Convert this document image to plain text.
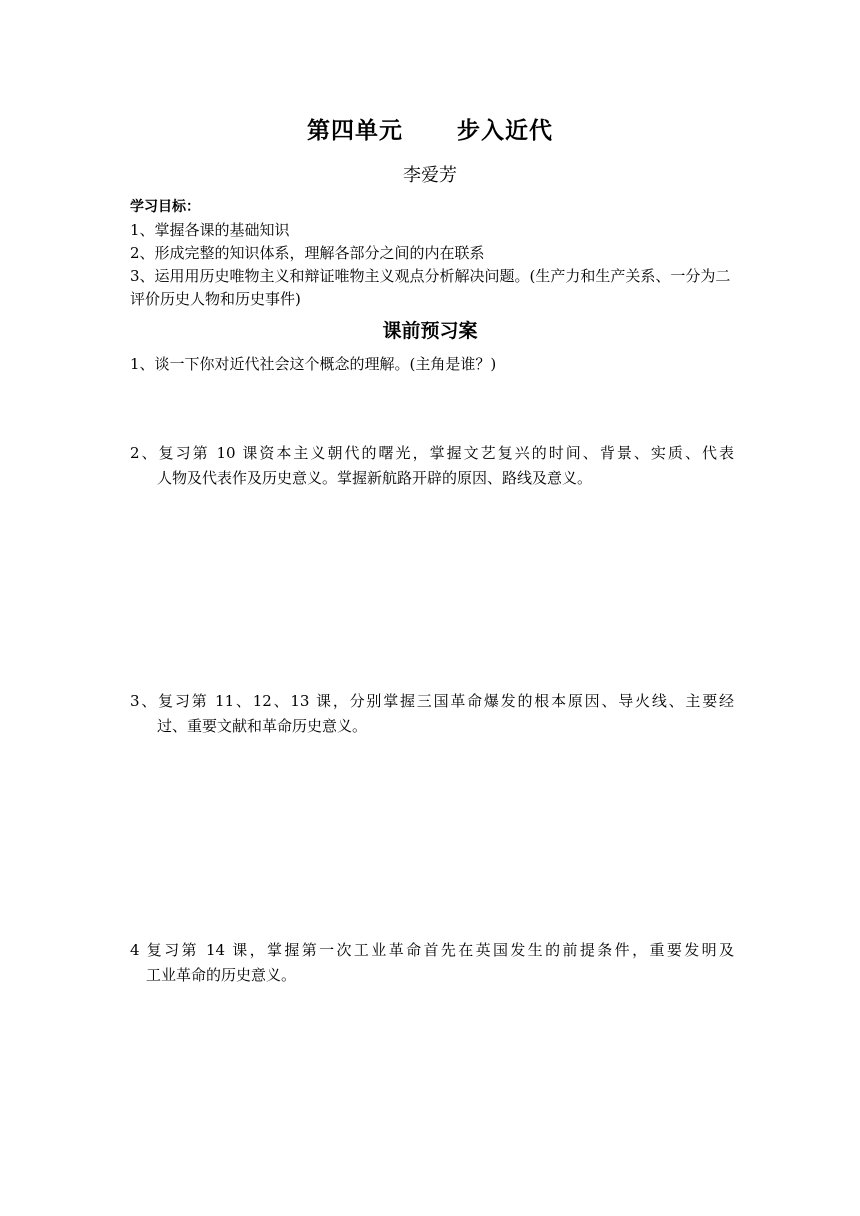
第四单元      步入近代
李爱芳
学习目标：
1、掌握各课的基础知识
2、形成完整的知识体系，理解各部分之间的内在联系
3、运用用历史唯物主义和辩证唯物主义观点分析解决问题。(生产力和生产关系、一分为二评价历史人物和历史事件)
课前预习案
1、谈一下你对近代社会这个概念的理解。(主角是谁？)
2、复习第 10 课资本主义朝代的曙光，掌握文艺复兴的时间、背景、实质、代表
人物及代表作及历史意义。掌握新航路开辟的原因、路线及意义。
3、复习第 11、12、13 课，分别掌握三国革命爆发的根本原因、导火线、主要经
过、重要文献和革命历史意义。
4 复习第 14 课，掌握第一次工业革命首先在英国发生的前提条件，重要发明及
工业革命的历史意义。
